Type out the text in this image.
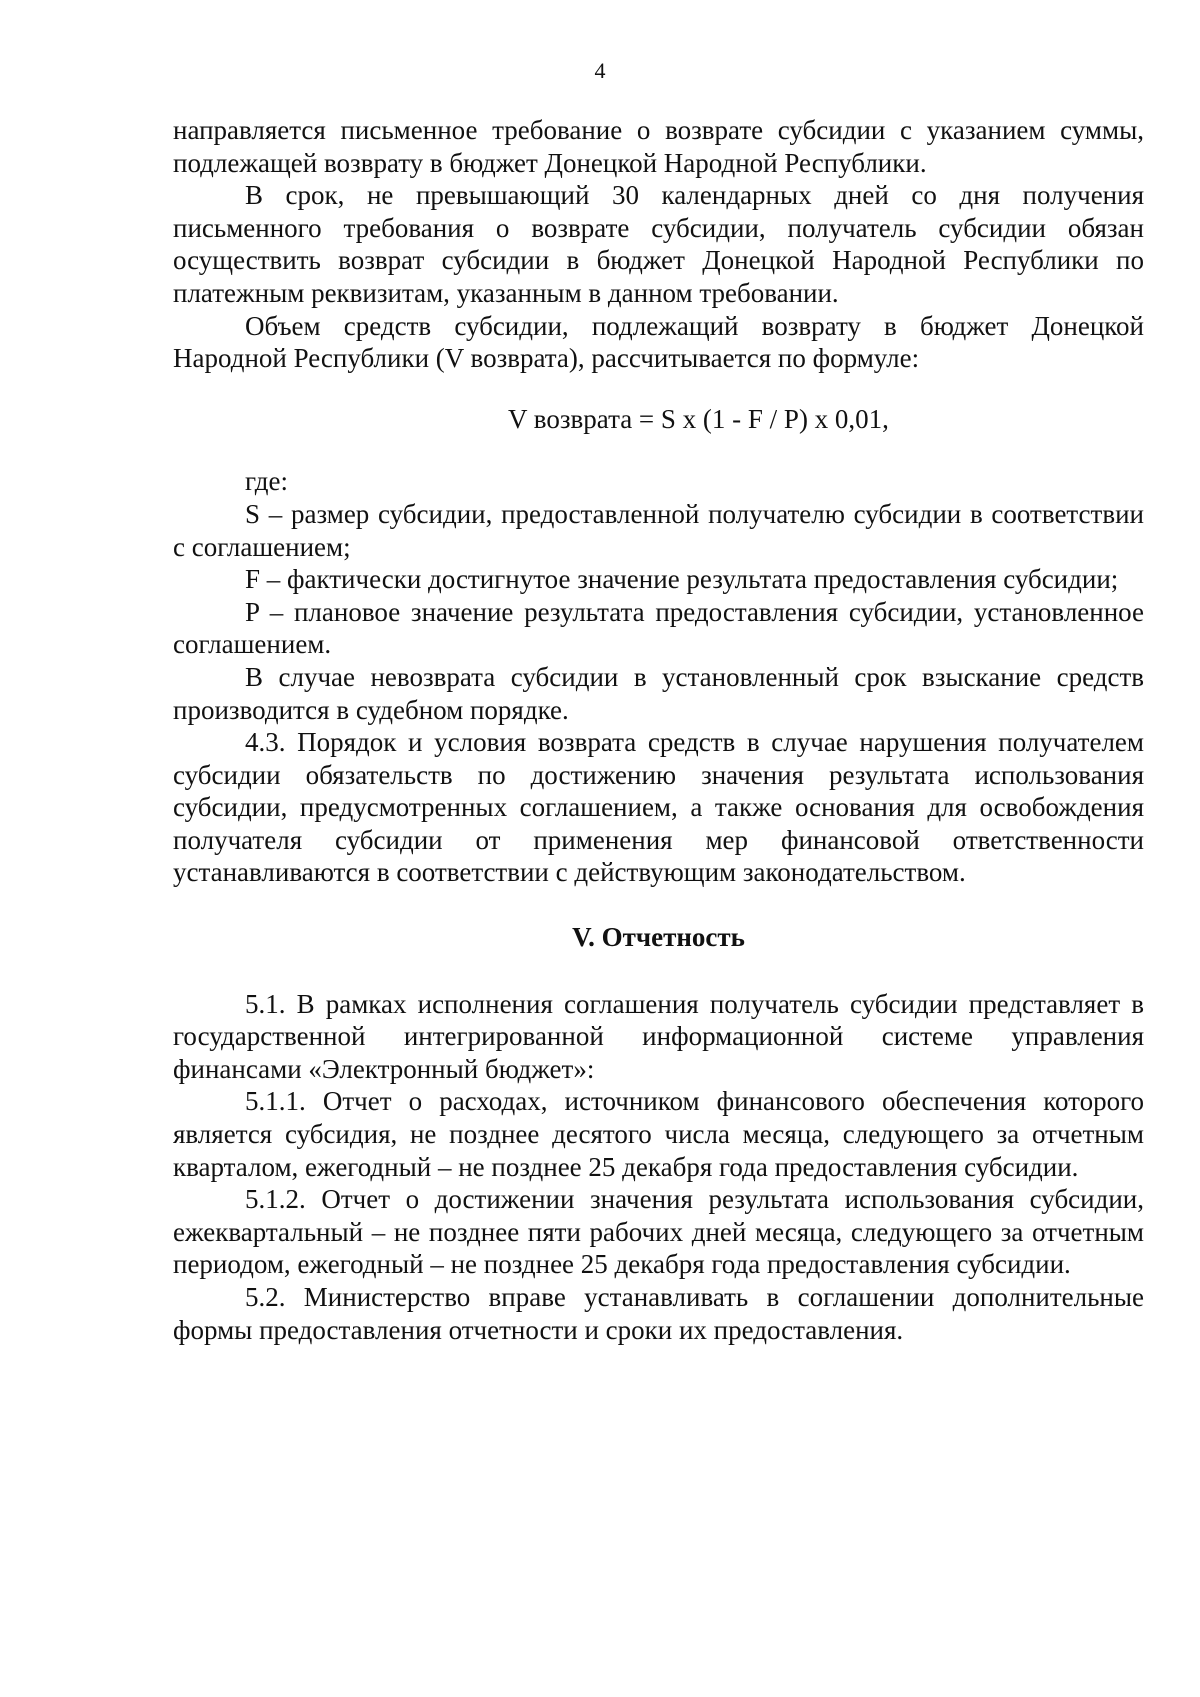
4

направляется письменное требование о возврате субсидии с указанием суммы, подлежащей возврату в бюджет Донецкой Народной Республики.

В срок, не превышающий 30 календарных дней со дня получения письменного требования о возврате субсидии, получатель субсидии обязан осуществить возврат субсидии в бюджет Донецкой Народной Республики по платежным реквизитам, указанным в данном требовании.

Объем средств субсидии, подлежащий возврату в бюджет Донецкой Народной Республики (V возврата), рассчитывается по формуле:

V возврата = S x (1 - F / P) x 0,01,

где:

S – размер субсидии, предоставленной получателю субсидии в соответствии с соглашением;

F – фактически достигнутое значение результата предоставления субсидии;

P – плановое значение результата предоставления субсидии, установленное соглашением.

В случае невозврата субсидии в установленный срок взыскание средств производится в судебном порядке.

4.3. Порядок и условия возврата средств в случае нарушения получателем субсидии обязательств по достижению значения результата использования субсидии, предусмотренных соглашением, а также основания для освобождения получателя субсидии от применения мер финансовой ответственности устанавливаются в соответствии с действующим законодательством.

V. Отчетность

5.1. В рамках исполнения соглашения получатель субсидии представляет в государственной интегрированной информационной системе управления финансами «Электронный бюджет»:

5.1.1. Отчет о расходах, источником финансового обеспечения которого является субсидия, не позднее десятого числа месяца, следующего за отчетным кварталом, ежегодный – не позднее 25 декабря года предоставления субсидии.

5.1.2. Отчет о достижении значения результата использования субсидии, ежеквартальный – не позднее пяти рабочих дней месяца, следующего за отчетным периодом, ежегодный – не позднее 25 декабря года предоставления субсидии.

5.2. Министерство вправе устанавливать в соглашении дополнительные формы предоставления отчетности и сроки их предоставления.
